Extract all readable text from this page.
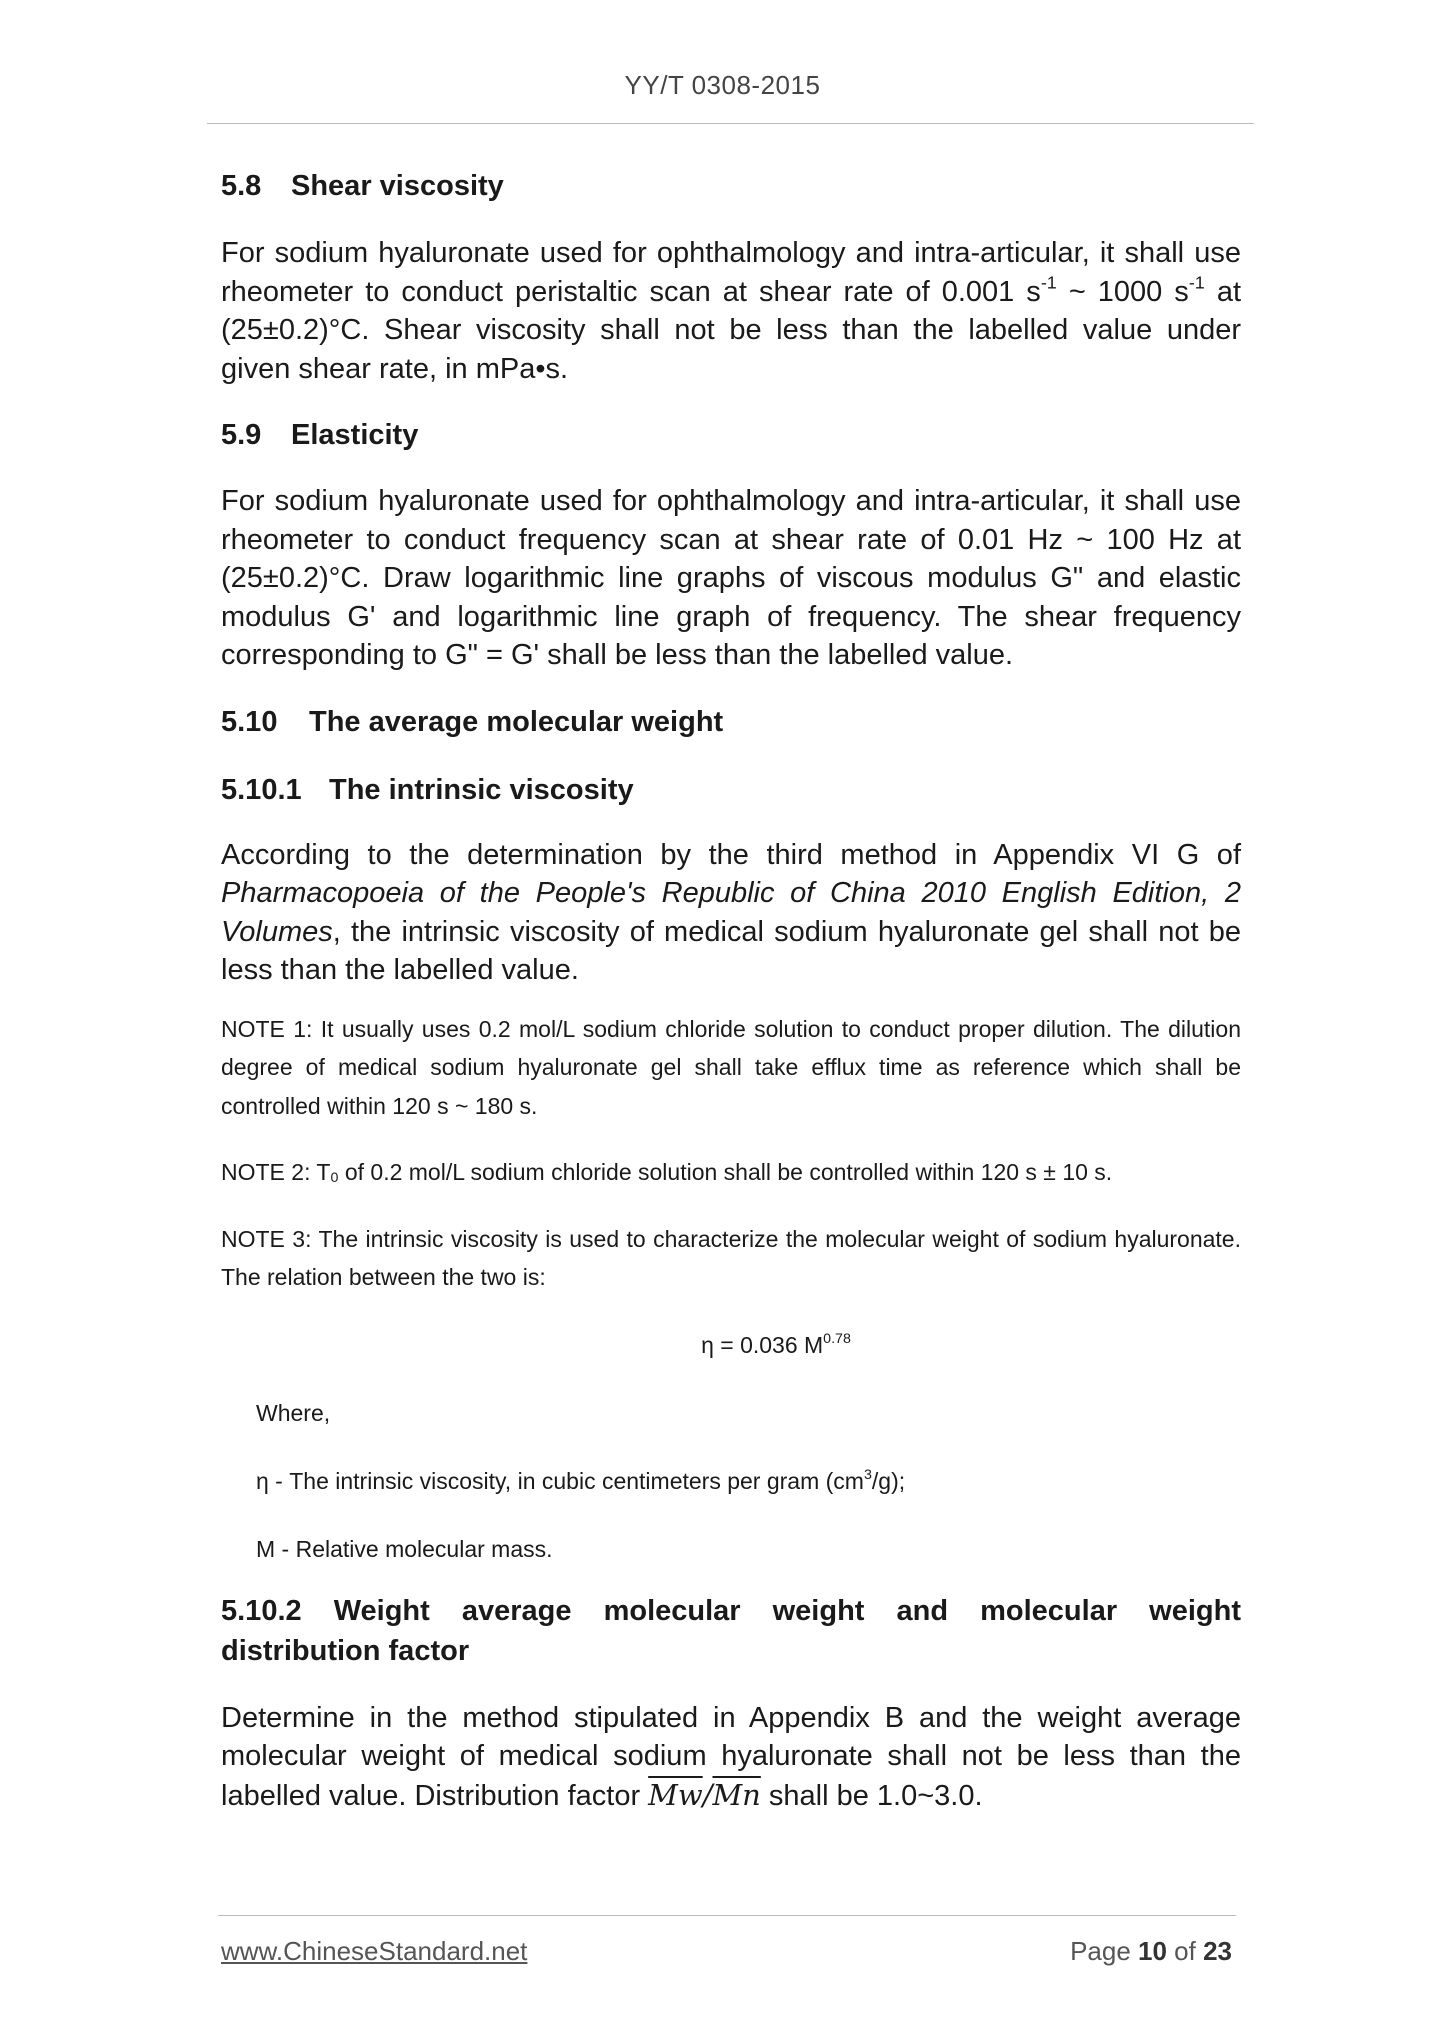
YY/T 0308-2015
5.8 Shear viscosity

For sodium hyaluronate used for ophthalmology and intra-articular, it shall use rheometer to conduct peristaltic scan at shear rate of 0.001 $s^{-1}$ ~ 1000 $s^{-1}$ at (25±0.2)°C. Shear viscosity shall not be less than the labelled value under given shear rate, in mPa•s.

5.9 Elasticity

For sodium hyaluronate used for ophthalmology and intra-articular, it shall use rheometer to conduct frequency scan at shear rate of 0.01 Hz ~ 100 Hz at (25±0.2)°C. Draw logarithmic line graphs of viscous modulus G" and elastic modulus G' and logarithmic line graph of frequency. The shear frequency corresponding to G" = G' shall be less than the labelled value.

5.10 The average molecular weight
5.10.1 The intrinsic viscosity

According to the determination by the third method in Appendix VI G of Pharmacopoeia of the People's Republic of China 2010 English Edition, 2 Volumes, the intrinsic viscosity of medical sodium hyaluronate gel shall not be less than the labelled value.

NOTE 1: It usually uses 0.2 mol/L sodium chloride solution to conduct proper dilution. The dilution degree of medical sodium hyaluronate gel shall take efflux time as reference which shall be controlled within 120 s ~ 180 s.

NOTE 2: $T_0$ of 0.2 mol/L sodium chloride solution shall be controlled within 120 s ± 10 s.

NOTE 3: The intrinsic viscosity is used to characterize the molecular weight of sodium hyaluronate. The relation between the two is:

η = 0.036 $M^{0.78}$

Where,

η - The intrinsic viscosity, in cubic centimeters per gram $(cm^3/g)$;

M - Relative molecular mass.

5.10.2 Weight average molecular weight and molecular weight
distribution factor

Determine in the method stipulated in Appendix B and the weight average molecular weight of medical sodium hyaluronate shall not be less than the labelled value. Distribution factor $\overline{Mw}/\overline{Mn}$ shall be 1.0~3.0.

www.ChineseStandard.net	Page 10 of 23
